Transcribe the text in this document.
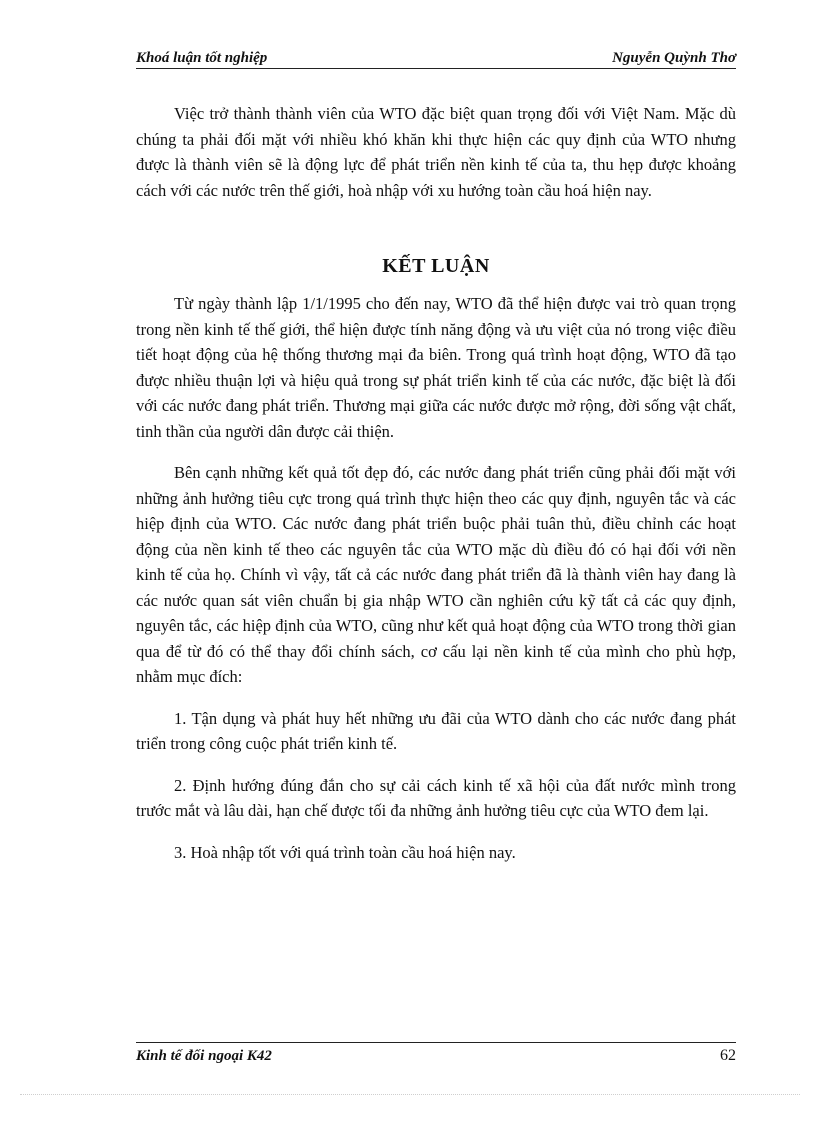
Khoá luận tốt nghiệp	Nguyễn Quỳnh Thơ

Việc trở thành thành viên của WTO đặc biệt quan trọng đối với Việt Nam. Mặc dù chúng ta phải đối mặt với nhiều khó khăn khi thực hiện các quy định của WTO nhưng được là thành viên sẽ là động lực để phát triển nền kinh tế của ta, thu hẹp được khoảng cách với các nước trên thế giới, hoà nhập với xu hướng toàn cầu hoá hiện nay.

KẾT LUẬN

Từ ngày thành lập 1/1/1995 cho đến nay, WTO đã thể hiện được vai trò quan trọng trong nền kinh tế thế giới, thể hiện được tính năng động và ưu việt của nó trong việc điều tiết hoạt động của hệ thống thương mại đa biên. Trong quá trình hoạt động, WTO đã tạo được nhiều thuận lợi và hiệu quả trong sự phát triển kinh tế của các nước, đặc biệt là đối với các nước đang phát triển. Thương mại giữa các nước được mở rộng, đời sống vật chất, tinh thần của người dân được cải thiện.

Bên cạnh những kết quả tốt đẹp đó, các nước đang phát triển cũng phải đối mặt với những ảnh hưởng tiêu cực trong quá trình thực hiện theo các quy định, nguyên tắc và các hiệp định của WTO. Các nước đang phát triển buộc phải tuân thủ, điều chỉnh các hoạt động của nền kinh tế theo các nguyên tắc của WTO mặc dù điều đó có hại đối với nền kinh tế của họ. Chính vì vậy, tất cả các nước đang phát triển đã là thành viên hay đang là các nước quan sát viên chuẩn bị gia nhập WTO cần nghiên cứu kỹ tất cả các quy định, nguyên tắc, các hiệp định của WTO, cũng như kết quả hoạt động của WTO trong thời gian qua để từ đó có thể thay đổi chính sách, cơ cấu lại nền kinh tế của mình cho phù hợp, nhằm mục đích:

1. Tận dụng và phát huy hết những ưu đãi của WTO dành cho các nước đang phát triển trong công cuộc phát triển kinh tế.

2. Định hướng đúng đắn cho sự cải cách kinh tế xã hội của đất nước mình trong trước mắt và lâu dài, hạn chế được tối đa những ảnh hưởng tiêu cực của WTO đem lại.

3. Hoà nhập tốt với quá trình toàn cầu hoá hiện nay.

Kinh tế đối ngoại K42	62
